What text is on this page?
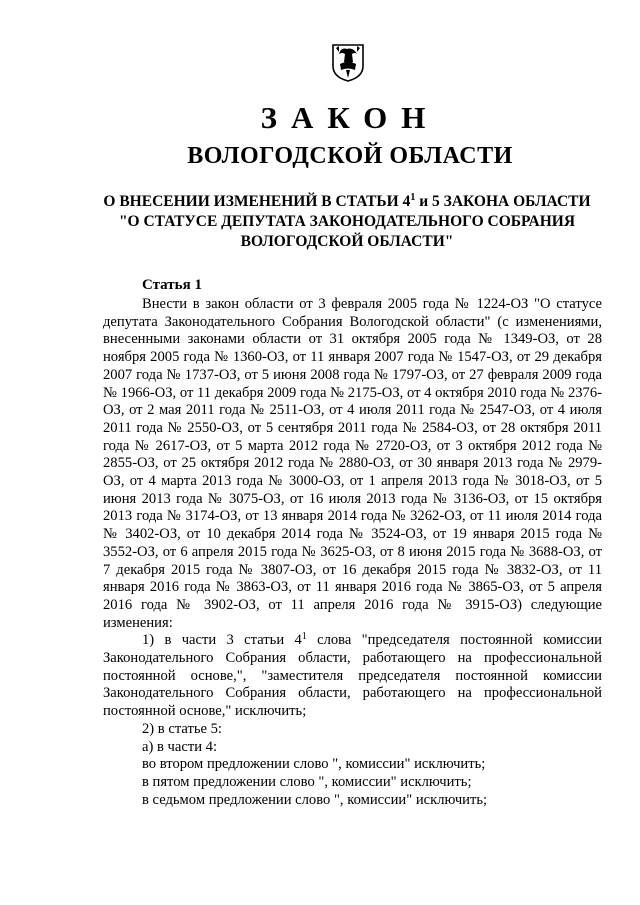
ЗАКОН
ВОЛОГОДСКОЙ ОБЛАСТИ
О ВНЕСЕНИИ ИЗМЕНЕНИЙ В СТАТЬИ $4^1$ и 5 ЗАКОНА ОБЛАСТИ
"О СТАТУСЕ ДЕПУТАТА ЗАКОНОДАТЕЛЬНОГО СОБРАНИЯ
ВОЛОГОДСКОЙ ОБЛАСТИ"
Статья 1

Внести в закон области от 3 февраля 2005 года № 1224-ОЗ "О статусе депутата Законодательного Собрания Вологодской области" (с изменениями, внесенными законами области от 31 октября 2005 года № 1349-ОЗ, от 28 ноября 2005 года № 1360-ОЗ, от 11 января 2007 года № 1547-ОЗ, от 29 декабря 2007 года № 1737-ОЗ, от 5 июня 2008 года № 1797-ОЗ, от 27 февраля 2009 года № 1966-ОЗ, от 11 декабря 2009 года № 2175-ОЗ, от 4 октября 2010 года № 2376-ОЗ, от 2 мая 2011 года № 2511-ОЗ, от 4 июля 2011 года № 2547-ОЗ, от 4 июля 2011 года № 2550-ОЗ, от 5 сентября 2011 года № 2584-ОЗ, от 28 октября 2011 года № 2617-ОЗ, от 5 марта 2012 года № 2720-ОЗ, от 3 октября 2012 года № 2855-ОЗ, от 25 октября 2012 года № 2880-ОЗ, от 30 января 2013 года № 2979-ОЗ, от 4 марта 2013 года № 3000-ОЗ, от 1 апреля 2013 года № 3018-ОЗ, от 5 июня 2013 года № 3075-ОЗ, от 16 июля 2013 года № 3136-ОЗ, от 15 октября 2013 года № 3174-ОЗ, от 13 января 2014 года № 3262-ОЗ, от 11 июля 2014 года № 3402-ОЗ, от 10 декабря 2014 года № 3524-ОЗ, от 19 января 2015 года № 3552-ОЗ, от 6 апреля 2015 года № 3625-ОЗ, от 8 июня 2015 года № 3688-ОЗ, от 7 декабря 2015 года № 3807-ОЗ, от 16 декабря 2015 года № 3832-ОЗ, от 11 января 2016 года № 3863-ОЗ, от 11 января 2016 года № 3865-ОЗ, от 5 апреля 2016 года № 3902-ОЗ, от 11 апреля 2016 года № 3915-ОЗ) следующие изменения:

1) в части 3 статьи $4^1$ слова "председателя постоянной комиссии Законодательного Собрания области, работающего на профессиональной постоянной основе,", "заместителя председателя постоянной комиссии Законодательного Собрания области, работающего на профессиональной постоянной основе," исключить;

2) в статье 5:

а) в части 4:

во втором предложении слово ", комиссии" исключить;

в пятом предложении слово ", комиссии" исключить;

в седьмом предложении слово ", комиссии" исключить;
